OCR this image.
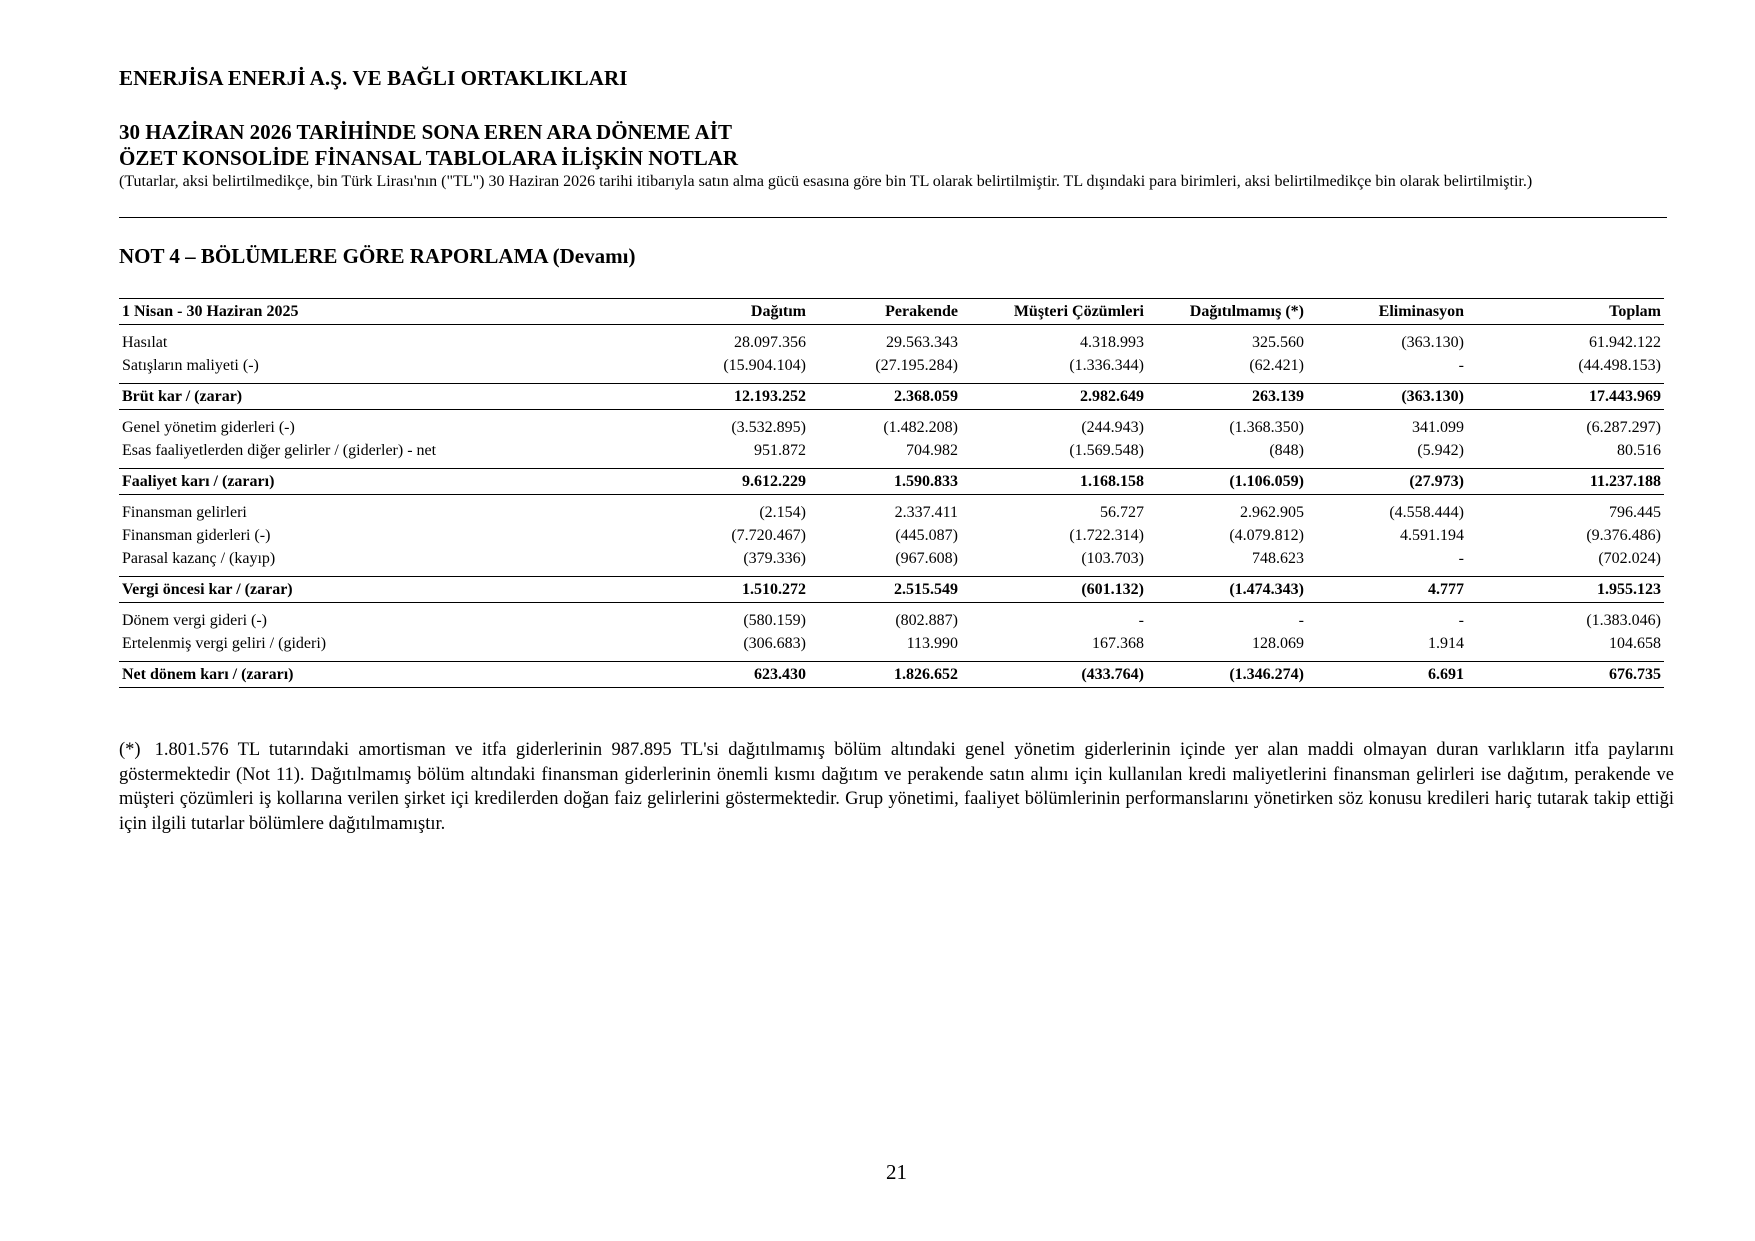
ENERJİSA ENERJİ A.Ş. VE BAĞLI ORTAKLIKLARI
30 HAZİRAN 2026 TARİHİNDE SONA EREN ARA DÖNEME AİT
ÖZET KONSOLİDE FİNANSAL TABLOLARA İLİŞKİN NOTLAR
(Tutarlar, aksi belirtilmedikçe, bin Türk Lirası'nın ("TL") 30 Haziran 2026 tarihi itibarıyla satın alma gücü esasına göre bin TL olarak belirtilmiştir. TL dışındaki para birimleri, aksi belirtilmedikçe bin olarak belirtilmiştir.)
NOT 4 – BÖLÜMLERE GÖRE RAPORLAMA (Devamı)
1 Nisan - 30 Haziran 2025	Dağıtım	Perakende	Müşteri Çözümleri	Dağıtılmamış (*)	Eliminasyon	Toplam

Hasılat	28.097.356	29.563.343	4.318.993	325.560	(363.130)	61.942.122
Satışların maliyeti (-)	(15.904.104)	(27.195.284)	(1.336.344)	(62.421)	-	(44.498.153)

Brüt kar / (zarar)	12.193.252	2.368.059	2.982.649	263.139	(363.130)	17.443.969

Genel yönetim giderleri (-)	(3.532.895)	(1.482.208)	(244.943)	(1.368.350)	341.099	(6.287.297)
Esas faaliyetlerden diğer gelirler / (giderler) - net	951.872	704.982	(1.569.548)	(848)	(5.942)	80.516

Faaliyet karı / (zararı)	9.612.229	1.590.833	1.168.158	(1.106.059)	(27.973)	11.237.188

Finansman gelirleri	(2.154)	2.337.411	56.727	2.962.905	(4.558.444)	796.445
Finansman giderleri (-)	(7.720.467)	(445.087)	(1.722.314)	(4.079.812)	4.591.194	(9.376.486)
Parasal kazanç / (kayıp)	(379.336)	(967.608)	(103.703)	748.623	-	(702.024)

Vergi öncesi kar / (zarar)	1.510.272	2.515.549	(601.132)	(1.474.343)	4.777	1.955.123

Dönem vergi gideri (-)	(580.159)	(802.887)	-	-	-	(1.383.046)
Ertelenmiş vergi geliri / (gideri)	(306.683)	113.990	167.368	128.069	1.914	104.658

Net dönem karı / (zararı)	623.430	1.826.652	(433.764)	(1.346.274)	6.691	676.735
(*) 1.801.576 TL tutarındaki amortisman ve itfa giderlerinin 987.895 TL'si dağıtılmamış bölüm altındaki genel yönetim giderlerinin içinde yer alan maddi olmayan duran varlıkların itfa paylarını göstermektedir (Not 11). Dağıtılmamış bölüm altındaki finansman giderlerinin önemli kısmı dağıtım ve perakende satın alımı için kullanılan kredi maliyetlerini finansman gelirleri ise dağıtım, perakende ve müşteri çözümleri iş kollarına verilen şirket içi kredilerden doğan faiz gelirlerini göstermektedir. Grup yönetimi, faaliyet bölümlerinin performanslarını yönetirken söz konusu kredileri hariç tutarak takip ettiği için ilgili tutarlar bölümlere dağıtılmamıştır.
21
